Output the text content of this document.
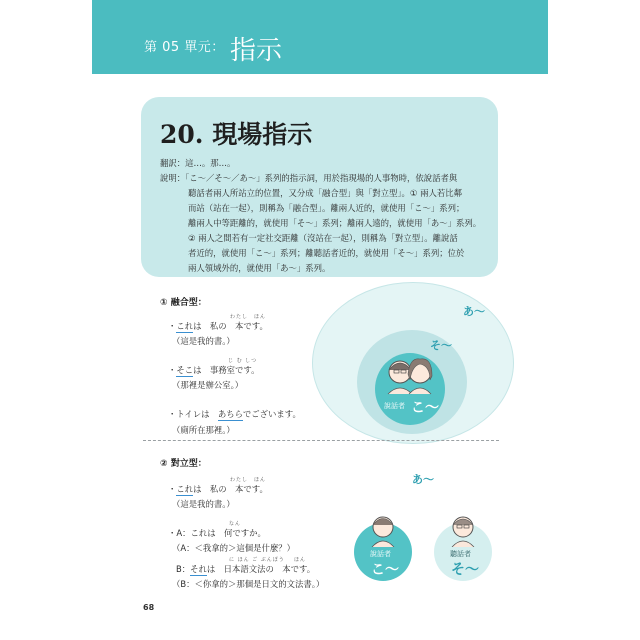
第 05 單元： 指示
20. 現場指示
翻訳：這…。那…。
說明：「こ～／そ～／あ～」系列的指示詞，用於指現場的人事物時，依說話者與
聽話者兩人所站立的位置，又分成「融合型」與「對立型」。① 兩人若比鄰
而站（站在一起），則稱為「融合型」。離兩人近的，就使用「こ～」系列；
離兩人中等距離的，就使用「そ～」系列；離兩人遠的，就使用「あ～」系列。
② 兩人之間若有一定社交距離（沒站在一起），則稱為「對立型」。離說話
者近的，就使用「こ～」系列；離聽話者近的，就使用「そ～」系列；位於
兩人領域外的，就使用「あ～」系列。
① 融合型：
わたし ほん
・これは　私の　本です。
（這是我的書。）
じ む しつ
・そこは　事務室です。
（那裡是辦公室。）
・トイレは　あちらでございます。
（廁所在那裡。）
說話者 こ～
そ～
あ～
② 對立型：
わたし ほん
・これは　私の　本です。
（這是我的書。）
なん
・A：これは　何ですか。
（A：＜我拿的＞這個是什麼？）
に ほん ご ぶんぽう ほん
B：それは　日本語文法の　本です。
（B：＜你拿的＞那個是日文的文法書。）
あ～
說話者
こ～
聽話者
そ～
68
